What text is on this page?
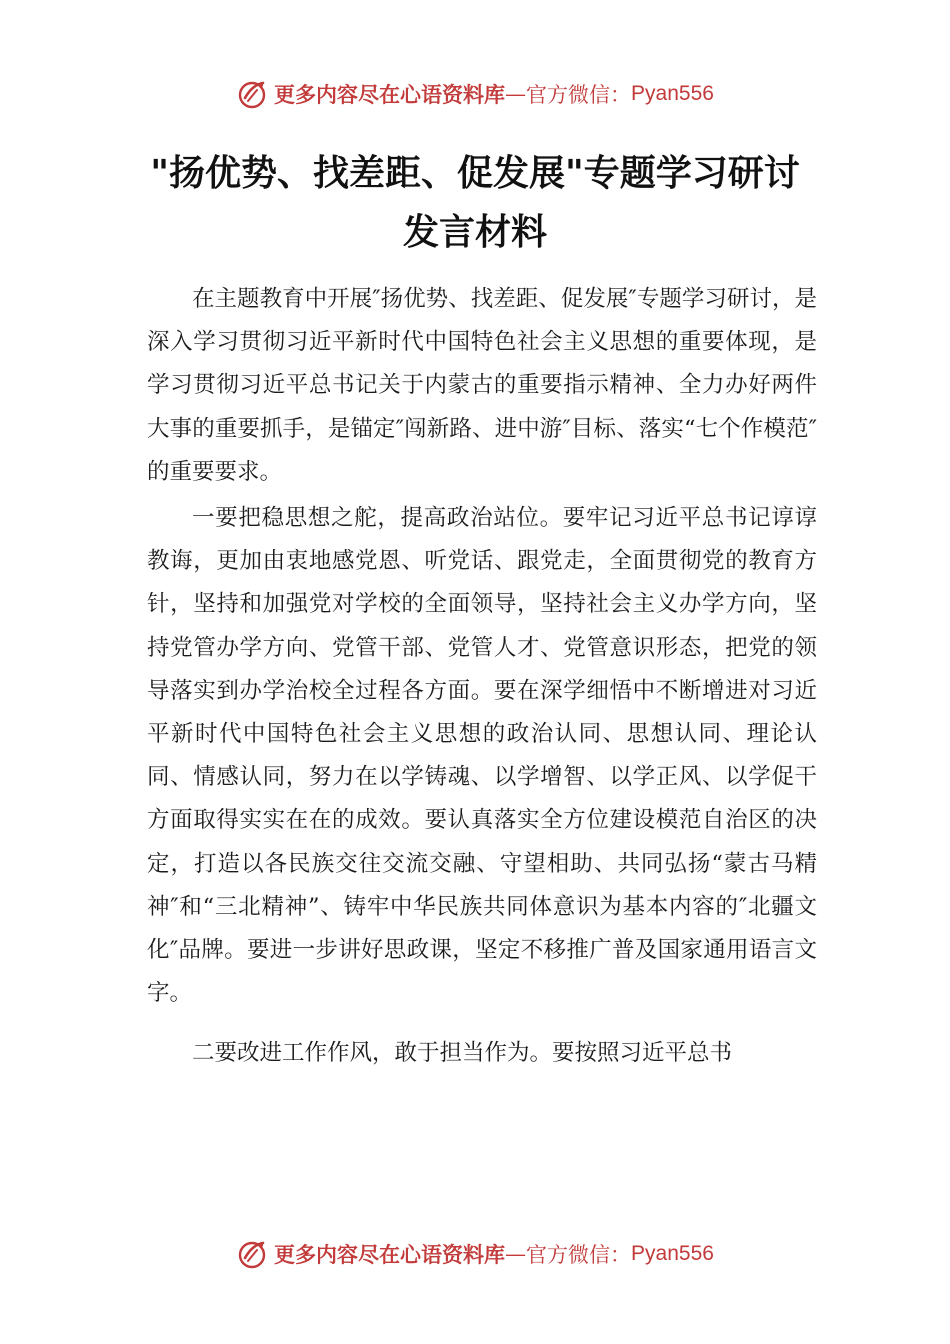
更多内容尽在心语资料库 — 官方微信： Pyan556
"扬优势、找差距、促发展"专题学习研讨
发言材料

在主题教育中开展″扬优势、找差距、促发展″专题学习研讨，是深入学习贯彻习近平新时代中国特色社会主义思想的重要体现，是学习贯彻习近平总书记关于内蒙古的重要指示精神、全力办好两件大事的重要抓手，是锚定″闯新路、进中游″目标、落实“七个作模范″的重要要求。

一要把稳思想之舵，提高政治站位。要牢记习近平总书记谆谆教诲，更加由衷地感党恩、听党话、跟党走，全面贯彻党的教育方针，坚持和加强党对学校的全面领导，坚持社会主义办学方向，坚持党管办学方向、党管干部、党管人才、党管意识形态，把党的领导落实到办学治校全过程各方面。要在深学细悟中不断增进对习近平新时代中国特色社会主义思想的政治认同、思想认同、理论认同、情感认同，努力在以学铸魂、以学增智、以学正风、以学促干方面取得实实在在的成效。要认真落实全方位建设模范自治区的决定，打造以各民族交往交流交融、守望相助、共同弘扬“蒙古马精神″和“三北精神”、铸牢中华民族共同体意识为基本内容的″北疆文化″品牌。要进一步讲好思政课，坚定不移推广普及国家通用语言文字。

二要改进工作作风，敢于担当作为。要按照习近平总书

更多内容尽在心语资料库 — 官方微信： Pyan556
